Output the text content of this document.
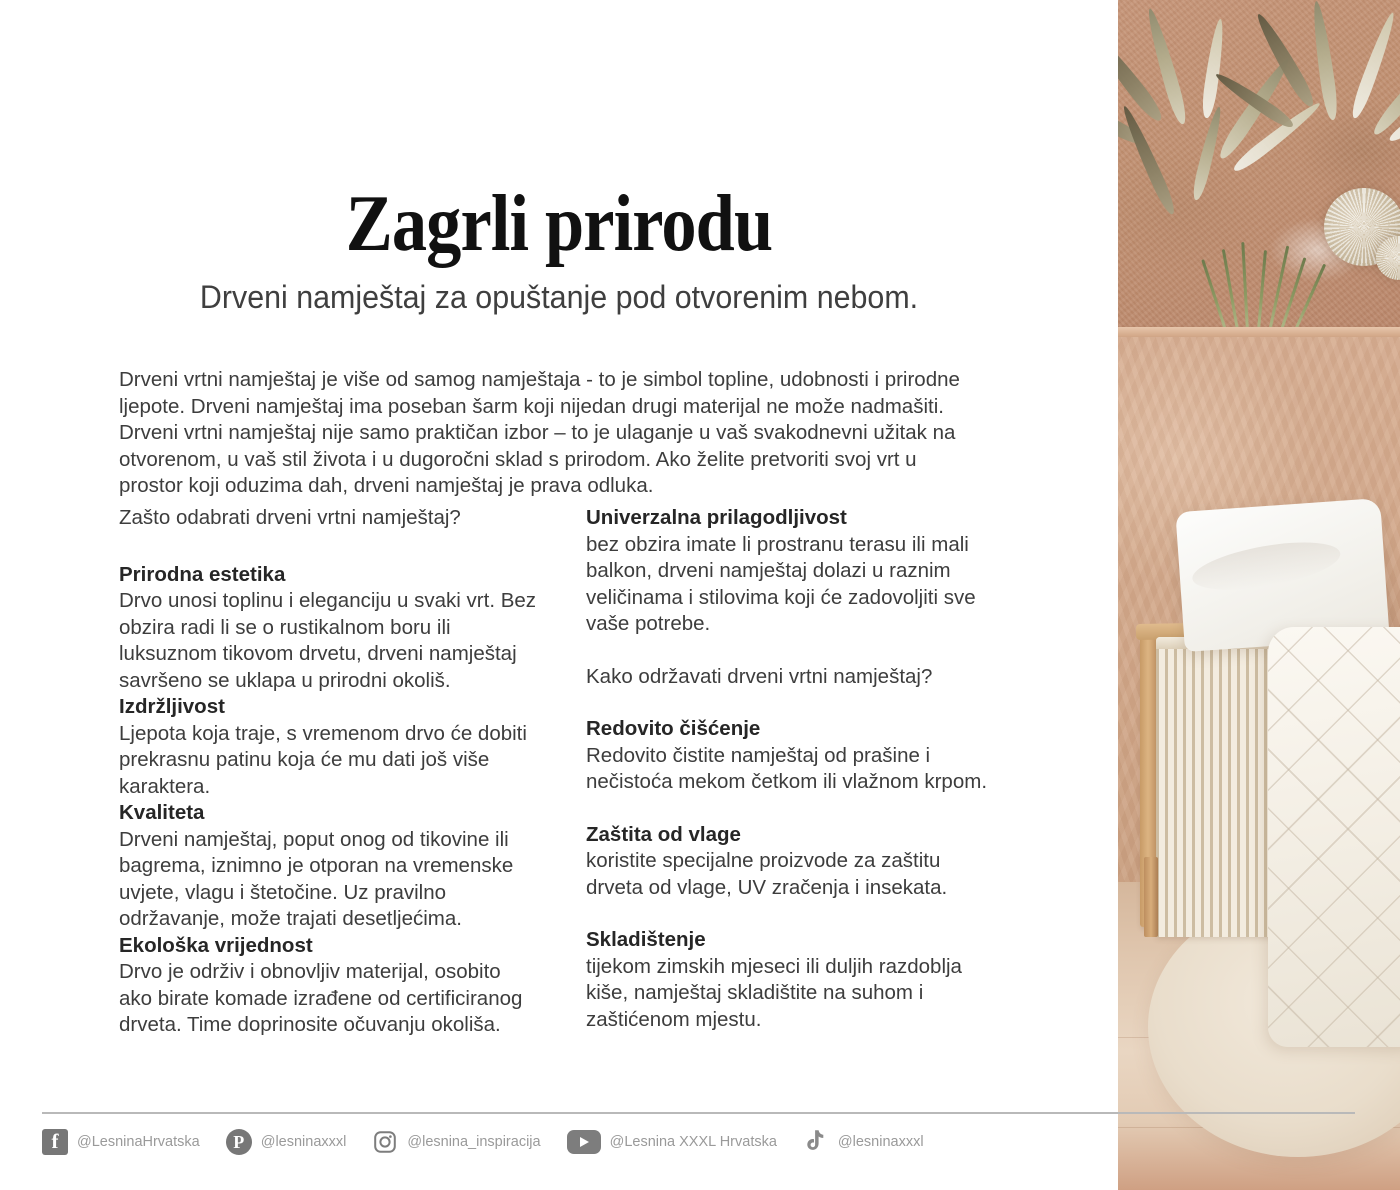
Zagrli prirodu
Drveni namještaj za opuštanje pod otvorenim nebom.
Drveni vrtni namještaj je više od samog namještaja - to je simbol topline, udobnosti i prirodne ljepote. Drveni namještaj ima poseban šarm koji nijedan drugi materijal ne može nadmašiti. Drveni vrtni namještaj nije samo praktičan izbor – to je ulaganje u vaš svakodnevni užitak na otvorenom, u vaš stil života i u dugoročni sklad s prirodom. Ako želite pretvoriti svoj vrt u prostor koji oduzima dah, drveni namještaj je prava odluka.

Zašto odabrati drveni vrtni namještaj?

Prirodna estetika

Drvo unosi toplinu i eleganciju u svaki vrt. Bez obzira radi li se o rustikalnom boru ili luksuznom tikovom drvetu, drveni namještaj savršeno se uklapa u prirodni okoliš.

Izdržljivost

Ljepota koja traje, s vremenom drvo će dobiti prekrasnu patinu koja će mu dati još više karaktera.

Kvaliteta

Drveni namještaj, poput onog od tikovine ili bagrema, iznimno je otporan na vremenske uvjete, vlagu i štetočine. Uz pravilno održavanje, može trajati desetljećima.

Ekološka vrijednost

Drvo je održiv i obnovljiv materijal, osobito ako birate komade izrađene od certificiranog drveta. Time doprinosite očuvanju okoliša.

Univerzalna prilagodljivost

bez obzira imate li prostranu terasu ili mali balkon, drveni namještaj dolazi u raznim veličinama i stilovima koji će zadovoljiti sve vaše potrebe.

Kako održavati drveni vrtni namještaj?

Redovito čišćenje

Redovito čistite namještaj od prašine i nečistoća mekom četkom ili vlažnom krpom.

Zaštita od vlage

koristite specijalne proizvode za zaštitu drveta od vlage, UV zračenja i insekata.

Skladištenje

tijekom zimskih mjeseci ili duljih razdoblja kiše, namještaj skladištite na suhom i zaštićenom mjestu.

f	@LesninaHrvatska	P	@lesninaxxxl	@lesnina_inspiracija	@Lesnina XXXL Hrvatska	@lesninaxxxl
